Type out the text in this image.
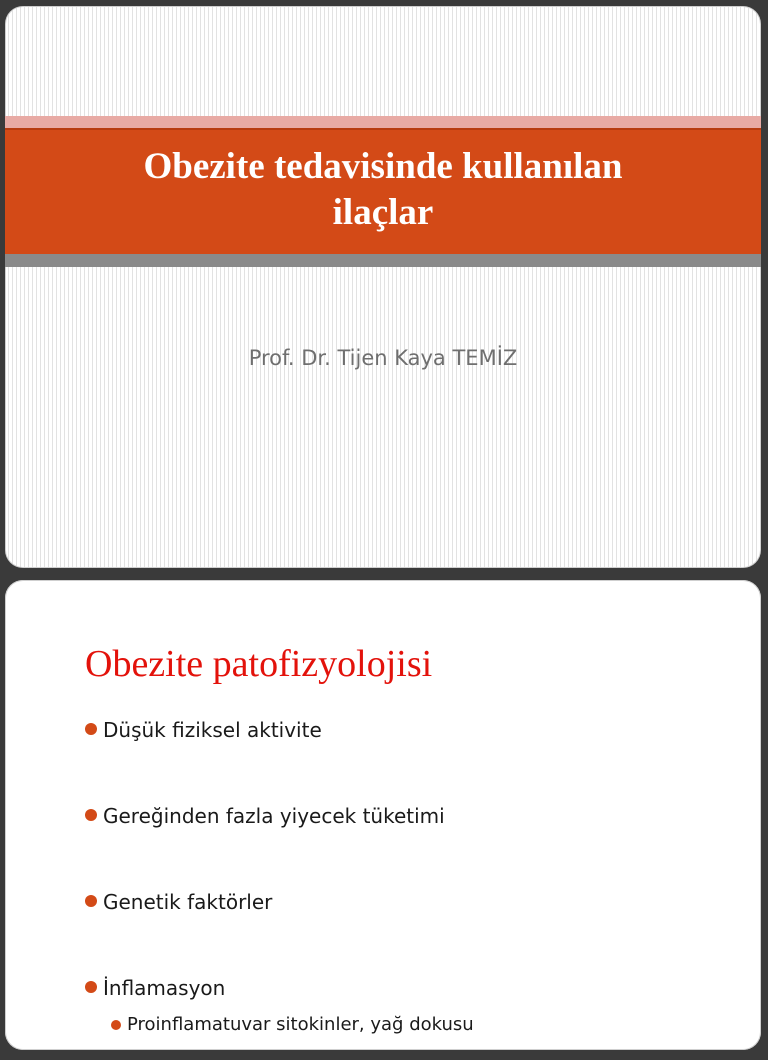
Obezite tedavisinde kullanılan
ilaçlar
Prof. Dr. Tijen Kaya TEMİZ
Obezite patofizyolojisi
Düşük fiziksel aktivite
Gereğinden fazla yiyecek tüketimi
Genetik faktörler
İnflamasyon
Proinflamatuvar sitokinler, yağ dokusu
